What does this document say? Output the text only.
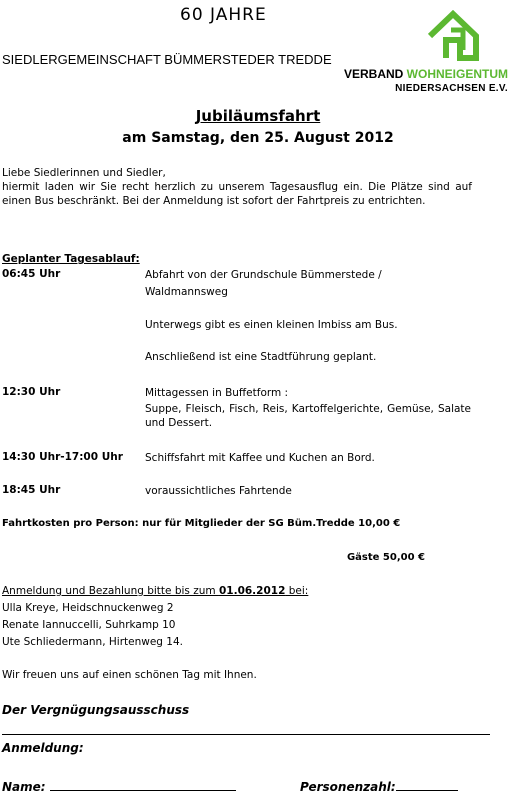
60 JAHRE
SIEDLERGEMEINSCHAFT BÜMMERSTEDER TREDDE
VERBAND WOHNEIGENTUM
NIEDERSACHSEN E.V.
Jubiläumsfahrt
am Samstag, den 25. August 2012

Liebe Siedlerinnen und Siedler,

hiermit laden wir Sie recht herzlich zu unserem Tagesausflug ein. Die Plätze sind auf einen Bus beschränkt. Bei der Anmeldung ist sofort der Fahrtpreis zu entrichten.

Geplanter Tagesablauf:
06:45 Uhr	Abfahrt von der Grundschule Bümmerstede /
Waldmannsweg
Unterwegs gibt es einen kleinen Imbiss am Bus.
Anschließend ist eine Stadtführung geplant.
12:30 Uhr	Mittagessen in Buffetform :
Suppe, Fleisch, Fisch, Reis, Kartoffelgerichte, Gemüse, Salate und Dessert.
14:30 Uhr-17:00 Uhr Schiffsfahrt mit Kaffee und Kuchen an Bord.
18:45 Uhr	voraussichtliches Fahrtende
Fahrtkosten pro Person: nur für Mitglieder der SG Büm.Tredde 10,00 €
Gäste 50,00 €
Anmeldung und Bezahlung bitte bis zum 01.06.2012 bei:
Ulla Kreye, Heidschnuckenweg 2
Renate Iannuccelli, Suhrkamp 10
Ute Schliedermann, Hirtenweg 14.
Wir freuen uns auf einen schönen Tag mit Ihnen.
Der Vergnügungsausschuss
Anmeldung:
Name:	Personenzahl:
